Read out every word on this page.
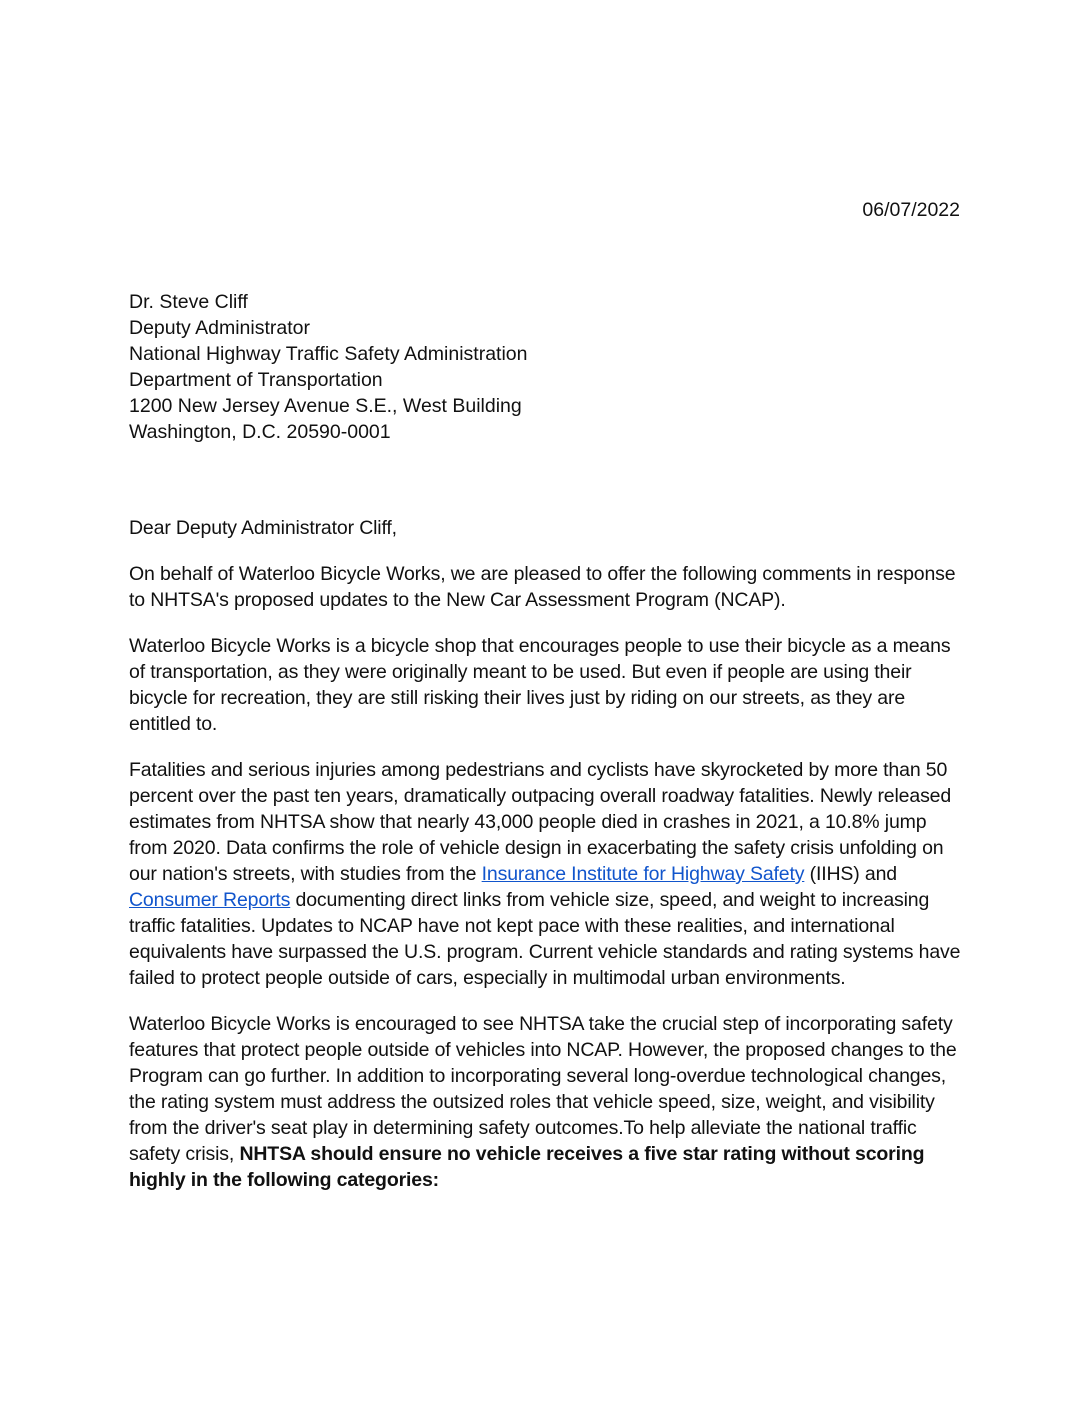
06/07/2022
Dr. Steve Cliff
Deputy Administrator
National Highway Traffic Safety Administration
Department of Transportation
1200 New Jersey Avenue S.E., West Building
Washington, D.C. 20590-0001

Dear Deputy Administrator Cliff,

On behalf of Waterloo Bicycle Works, we are pleased to offer the following comments in response to NHTSA's proposed updates to the New Car Assessment Program (NCAP).

Waterloo Bicycle Works is a bicycle shop that encourages people to use their bicycle as a means of transportation, as they were originally meant to be used. But even if people are using their bicycle for recreation, they are still risking their lives just by riding on our streets, as they are entitled to.

Fatalities and serious injuries among pedestrians and cyclists have skyrocketed by more than 50 percent over the past ten years, dramatically outpacing overall roadway fatalities. Newly released estimates from NHTSA show that nearly 43,000 people died in crashes in 2021, a 10.8% jump from 2020. Data confirms the role of vehicle design in exacerbating the safety crisis unfolding on our nation's streets, with studies from the Insurance Institute for Highway Safety (IIHS) and Consumer Reports documenting direct links from vehicle size, speed, and weight to increasing traffic fatalities. Updates to NCAP have not kept pace with these realities, and international equivalents have surpassed the U.S. program. Current vehicle standards and rating systems have failed to protect people outside of cars, especially in multimodal urban environments.

Waterloo Bicycle Works is encouraged to see NHTSA take the crucial step of incorporating safety features that protect people outside of vehicles into NCAP. However, the proposed changes to the Program can go further. In addition to incorporating several long-overdue technological changes, the rating system must address the outsized roles that vehicle speed, size, weight, and visibility from the driver's seat play in determining safety outcomes.To help alleviate the national traffic safety crisis, NHTSA should ensure no vehicle receives a five star rating without scoring highly in the following categories:
